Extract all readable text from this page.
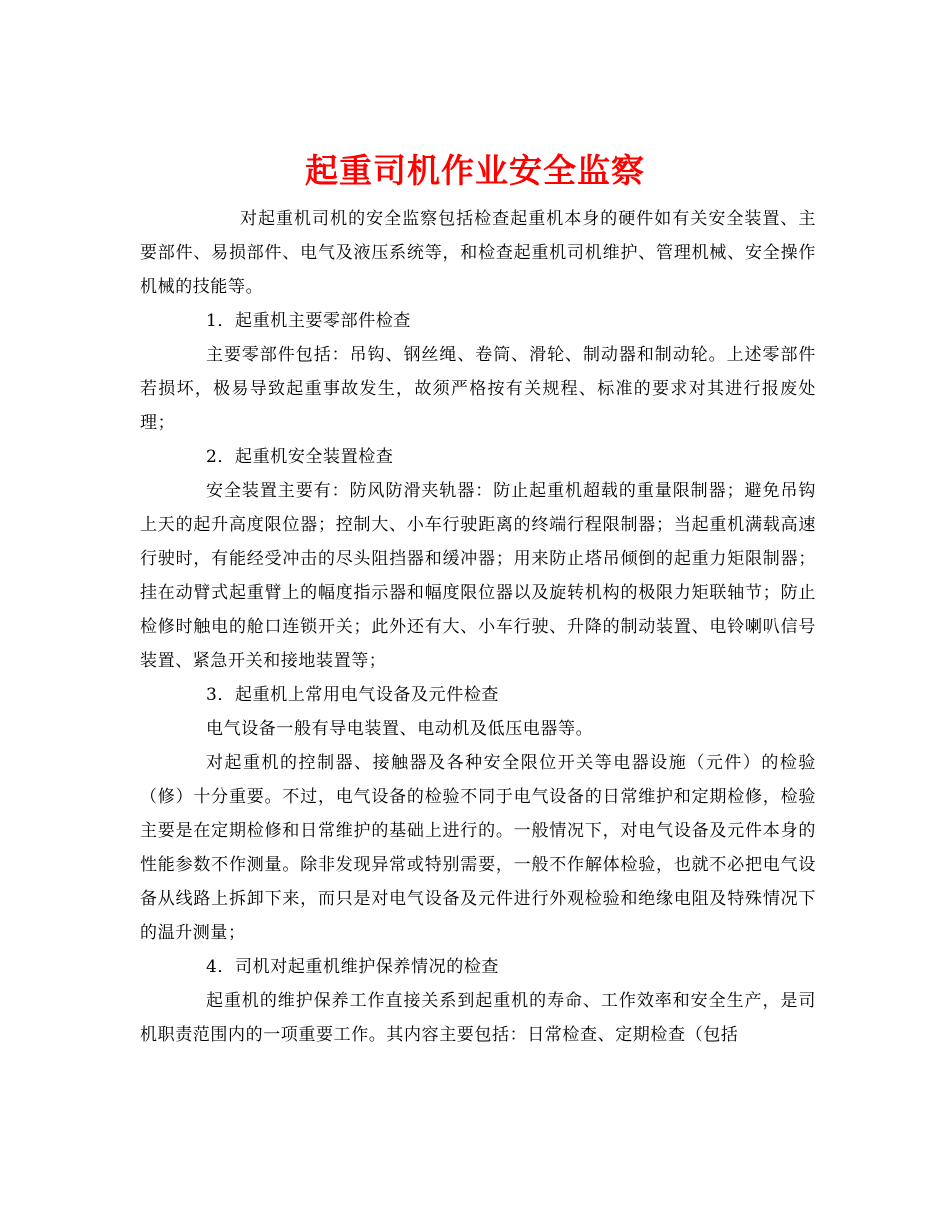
起重司机作业安全监察

对起重机司机的安全监察包括检查起重机本身的硬件如有关安全装置、主要部件、易损部件、电气及液压系统等，和检查起重机司机维护、管理机械、安全操作机械的技能等。

1．起重机主要零部件检查

主要零部件包括：吊钩、钢丝绳、卷筒、滑轮、制动器和制动轮。上述零部件若损坏，极易导致起重事故发生，故须严格按有关规程、标准的要求对其进行报废处理；

2．起重机安全装置检查

安全装置主要有：防风防滑夹轨器：防止起重机超载的重量限制器；避免吊钩上天的起升高度限位器；控制大、小车行驶距离的终端行程限制器；当起重机满载高速行驶时，有能经受冲击的尽头阻挡器和缓冲器；用来防止塔吊倾倒的起重力矩限制器；挂在动臂式起重臂上的幅度指示器和幅度限位器以及旋转机构的极限力矩联轴节；防止检修时触电的舱口连锁开关；此外还有大、小车行驶、升降的制动装置、电铃喇叭信号装置、紧急开关和接地装置等；

3．起重机上常用电气设备及元件检查

电气设备一般有导电装置、电动机及低压电器等。

对起重机的控制器、接触器及各种安全限位开关等电器设施（元件）的检验（修）十分重要。不过，电气设备的检验不同于电气设备的日常维护和定期检修，检验主要是在定期检修和日常维护的基础上进行的。一般情况下，对电气设备及元件本身的性能参数不作测量。除非发现异常或特别需要，一般不作解体检验，也就不必把电气设备从线路上拆卸下来，而只是对电气设备及元件进行外观检验和绝缘电阻及特殊情况下的温升测量；

4．司机对起重机维护保养情况的检查

起重机的维护保养工作直接关系到起重机的寿命、工作效率和安全生产，是司机职责范围内的一项重要工作。其内容主要包括：日常检查、定期检查（包括
